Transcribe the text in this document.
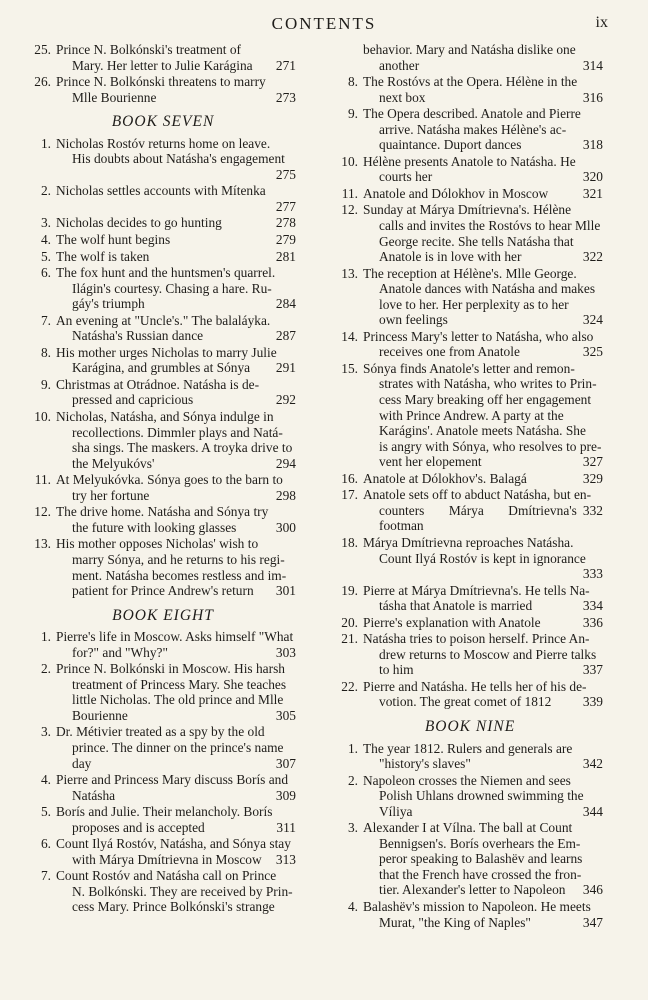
CONTENTS	ix
25. Prince N. Bolkónski's treatment of
Mary. Her letter to Julie Karágina	271
26. Prince N. Bolkónski threatens to marry
Mlle Bourienne	273
BOOK SEVEN
1. Nicholas Rostóv returns home on leave.
His doubts about Natásha's engagement
275
2. Nicholas settles accounts with Mítenka
277
3. Nicholas decides to go hunting	278
4. The wolf hunt begins	279
5. The wolf is taken	281
6. The fox hunt and the huntsmen's quarrel.
Ilágin's courtesy. Chasing a hare. Ru-
gáy's triumph	284
7. An evening at "Uncle's." The balaláyka.
Natásha's Russian dance	287
8. His mother urges Nicholas to marry Julie
Karágina, and grumbles at Sónya	291
9. Christmas at Otrádnoe. Natásha is de-
pressed and capricious	292
10. Nicholas, Natásha, and Sónya indulge in
recollections. Dimmler plays and Natá-
sha sings. The maskers. A troyka drive to
the Melyukóvs'	294
11. At Melyukóvka. Sónya goes to the barn to
try her fortune	298
12. The drive home. Natásha and Sónya try
the future with looking glasses	300
13. His mother opposes Nicholas' wish to
marry Sónya, and he returns to his regi-
ment. Natásha becomes restless and im-
patient for Prince Andrew's return	301
BOOK EIGHT
1. Pierre's life in Moscow. Asks himself "What
for?" and "Why?"	303
2. Prince N. Bolkónski in Moscow. His harsh
treatment of Princess Mary. She teaches
little Nicholas. The old prince and Mlle
Bourienne	305
3. Dr. Métivier treated as a spy by the old
prince. The dinner on the prince's name
day	307
4. Pierre and Princess Mary discuss Borís and
Natásha	309
5. Borís and Julie. Their melancholy. Borís
proposes and is accepted	311
6. Count Ilyá Rostóv, Natásha, and Sónya stay
with Márya Dmítrievna in Moscow	313
7. Count Rostóv and Natásha call on Prince
N. Bolkónski. They are received by Prin-
cess Mary. Prince Bolkónski's strange
behavior. Mary and Natásha dislike one
another	314
8. The Rostóvs at the Opera. Hélène in the
next box	316
9. The Opera described. Anatole and Pierre
arrive. Natásha makes Hélène's ac-
quaintance. Duport dances	318
10. Hélène presents Anatole to Natásha. He
courts her	320
11. Anatole and Dólokhov in Moscow	321
12. Sunday at Márya Dmítrievna's. Hélène
calls and invites the Rostóvs to hear Mlle
George recite. She tells Natásha that
Anatole is in love with her	322
13. The reception at Hélène's. Mlle George.
Anatole dances with Natásha and makes
love to her. Her perplexity as to her
own feelings	324
14. Princess Mary's letter to Natásha, who also
receives one from Anatole	325
15. Sónya finds Anatole's letter and remon-
strates with Natásha, who writes to Prin-
cess Mary breaking off her engagement
with Prince Andrew. A party at the
Karágins'. Anatole meets Natásha. She
is angry with Sónya, who resolves to pre-
vent her elopement	327
16. Anatole at Dólokhov's. Balagá	329
17. Anatole sets off to abduct Natásha, but en-
counters Márya Dmítrievna's footman
332
18. Márya Dmítrievna reproaches Natásha.
Count Ilyá Rostóv is kept in ignorance
333
19. Pierre at Márya Dmítrievna's. He tells Na-
tásha that Anatole is married	334
20. Pierre's explanation with Anatole	336
21. Natásha tries to poison herself. Prince An-
drew returns to Moscow and Pierre talks
to him	337
22. Pierre and Natásha. He tells her of his de-
votion. The great comet of 1812	339
BOOK NINE
1. The year 1812. Rulers and generals are
"history's slaves"	342
2. Napoleon crosses the Niemen and sees
Polish Uhlans drowned swimming the
Víliya	344
3. Alexander I at Vílna. The ball at Count
Bennigsen's. Borís overhears the Em-
peror speaking to Balashëv and learns
that the French have crossed the fron-
tier. Alexander's letter to Napoleon	346
4. Balashëv's mission to Napoleon. He meets
Murat, "the King of Naples"	347
